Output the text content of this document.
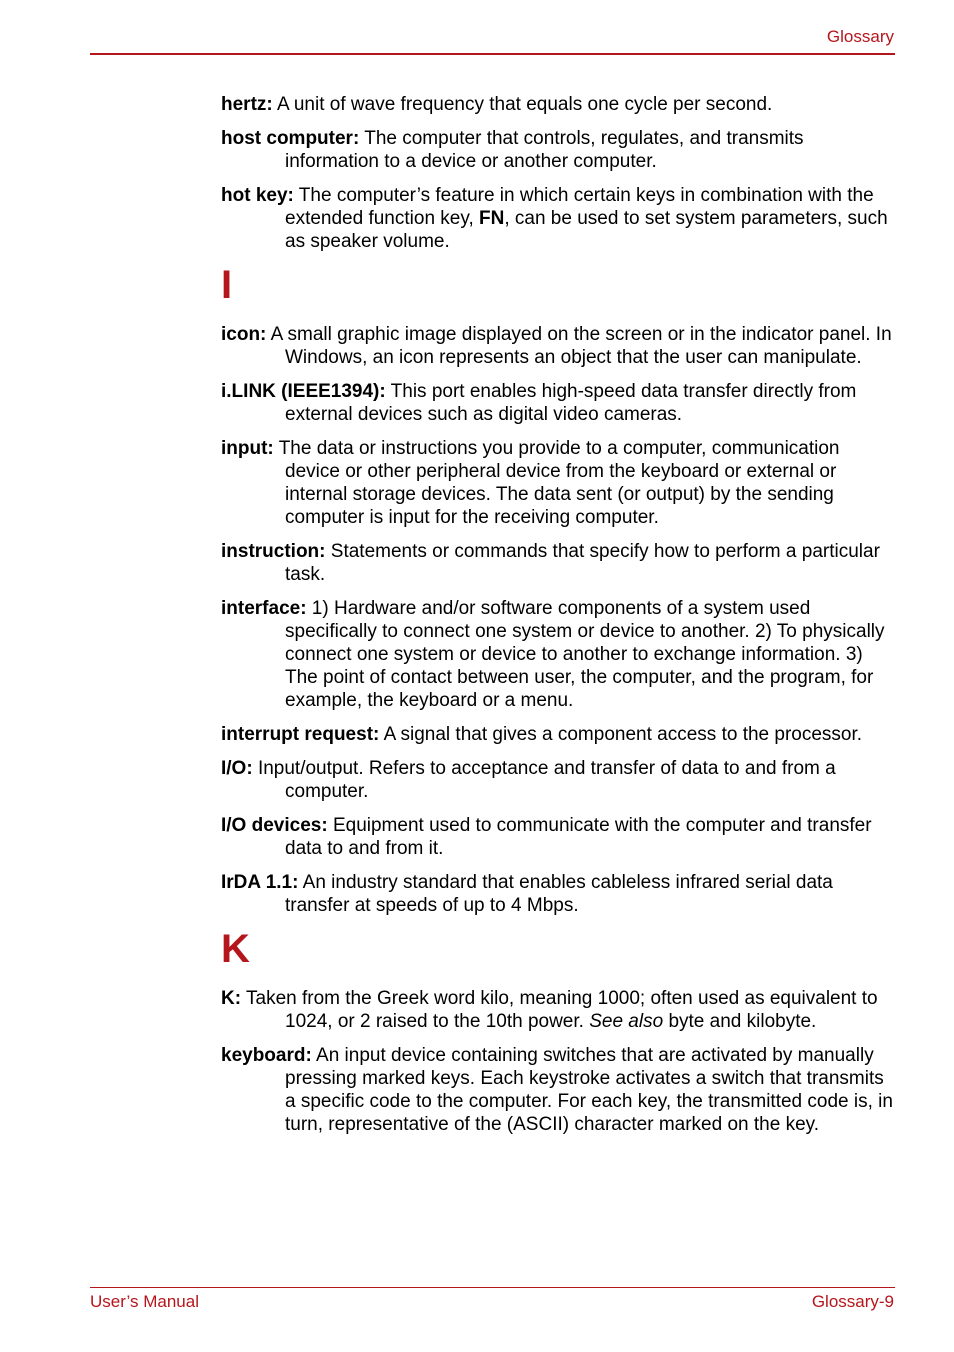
Glossary
hertz: A unit of wave frequency that equals one cycle per second.
host computer: The computer that controls, regulates, and transmits information to a device or another computer.
hot key: The computer’s feature in which certain keys in combination with the extended function key, FN, can be used to set system parameters, such as speaker volume.
I
icon: A small graphic image displayed on the screen or in the indicator panel. In Windows, an icon represents an object that the user can manipulate.
i.LINK (IEEE1394): This port enables high-speed data transfer directly from external devices such as digital video cameras.
input: The data or instructions you provide to a computer, communication device or other peripheral device from the keyboard or external or internal storage devices. The data sent (or output) by the sending computer is input for the receiving computer.
instruction: Statements or commands that specify how to perform a particular task.
interface: 1) Hardware and/or software components of a system used specifically to connect one system or device to another. 2) To physically connect one system or device to another to exchange information. 3) The point of contact between user, the computer, and the program, for example, the keyboard or a menu.
interrupt request: A signal that gives a component access to the processor.
I/O: Input/output. Refers to acceptance and transfer of data to and from a computer.
I/O devices: Equipment used to communicate with the computer and transfer data to and from it.
IrDA 1.1: An industry standard that enables cableless infrared serial data transfer at speeds of up to 4 Mbps.
K
K: Taken from the Greek word kilo, meaning 1000; often used as equivalent to 1024, or 2 raised to the 10th power. See also byte and kilobyte.
keyboard: An input device containing switches that are activated by manually pressing marked keys. Each keystroke activates a switch that transmits a specific code to the computer. For each key, the transmitted code is, in turn, representative of the (ASCII) character marked on the key.
User’s Manual	Glossary-9
